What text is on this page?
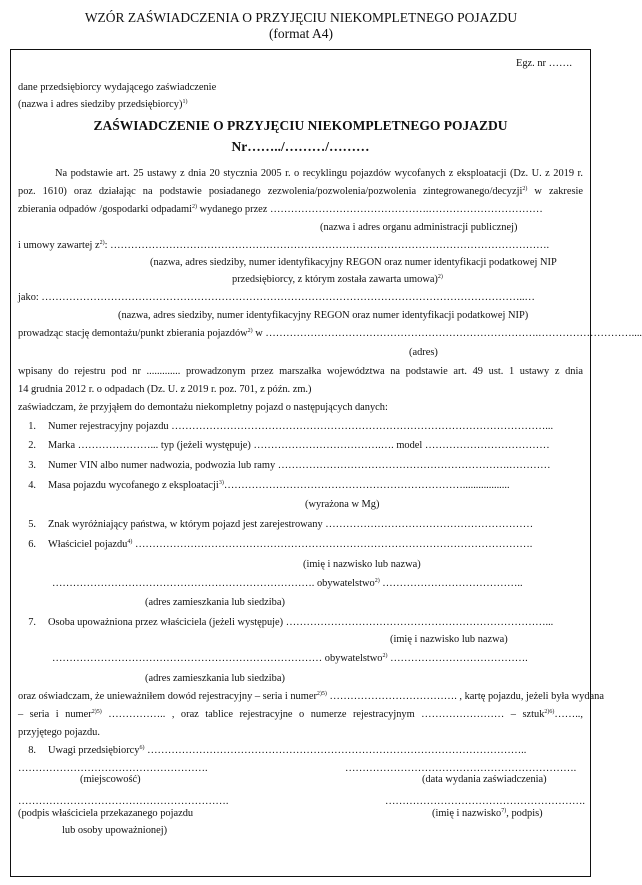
WZÓR ZAŚWIADCZENIA O PRZYJĘCIU NIEKOMPLETNEGO POJAZDU
(format A4)
Egz. nr …….
dane przedsiębiorcy wydającego zaświadczenie
(nazwa i adres siedziby przedsiębiorcy)$^{1)}$
ZAŚWIADCZENIE O PRZYJĘCIU NIEKOMPLETNEGO POJAZDU
Nr……../………/………
Na podstawie art. 25 ustawy z dnia 20 stycznia 2005 r. o recyklingu pojazdów wycofanych z eksploatacji (Dz. U. z 2019 r.
poz. 1610) oraz działając na podstawie posiadanego zezwolenia/pozwolenia/pozwolenia zintegrowanego/decyzji$^{2)}$ w zakresie
zbierania odpadów /gospodarki odpadami$^{2)}$ wydanego przez ……………………………………….……………………………
(nazwa i adres organu administracji publicznej)
i umowy zawartej $z^{2)}$: ……………………………………………………………………………………………………………….
(nazwa, adres siedziby, numer identyfikacyjny REGON oraz numer identyfikacji podatkowej NIP
przedsiębiorcy, z którym została zawarta umowa)$^{2)}$
jako: …………………………………………………………………………………………………………………………..…
(nazwa, adres siedziby, numer identyfikacyjny REGON oraz numer identyfikacji podatkowej NIP)
prowadząc stację demontażu/punkt zbierania pojazdów$^{2)}$ w …………………………………………………………………….………………………....
(adres)
wpisany do rejestru pod nr ............. prowadzonym przez marszałka województwa na podstawie art. 49 ust. 1 ustawy z dnia
14 grudnia 2012 r. o odpadach (Dz. U. z 2019 r. poz. 701, z późn. zm.)
zaświadczam, że przyjąłem do demontażu niekompletny pojazd o następujących danych:
1. Numer rejestracyjny pojazdu ………………………………………………………………………………………………...
2. Marka …………………... typ (jeżeli występuje) ……………………………….…. model ………………………………
3. Numer VIN albo numer nadwozia, podwozia lub ramy ………………………………………………………….…………
4. Masa pojazdu wycofanego z eksploatacji$^{3)}$……………………………………………………………..................
(wyrażona w Mg)
5. Znak wyróżniający państwa, w którym pojazd jest zarejestrowany ……………………………………………………
6. Właściciel pojazdu$^{4)}$ …………………………………………………………………………………………………….
(imię i nazwisko lub nazwa)
…………………………………………………………………. obywatelstwo$^{2)}$ …………………………………..
(adres zamieszkania lub siedziba)
7. Osoba upoważniona przez właściciela (jeżeli występuje) …………………………………………………………………...
(imię i nazwisko lub nazwa)
…………………………………………………………………… obywatelstwo$^{2)}$ ………………………………….
(adres zamieszkania lub siedziba)
oraz oświadczam, że unieważniłem dowód rejestracyjny – seria i numer$^{2)5)}$ ………………………………. , kartę pojazdu, jeżeli była wydana
– seria i numer$^{2)5)}$ …………….. , oraz tablice rejestracyjne o numerze rejestracyjnym …………………… – sztuk$^{2)6)}$……..,
przyjętego pojazdu.
8. Uwagi przedsiębiorcy$^{6)}$ ………………………………………………………………………………………………..
……………………………………………….	………………………………………………………….
(miejscowość)	(data wydania zaświadczenia)
…………………………………………………….	………………………………………………….
(podpis właściciela przekazanego pojazdu	(imię i nazwisko$^{7)}$, podpis)
lub osoby upoważnionej)
